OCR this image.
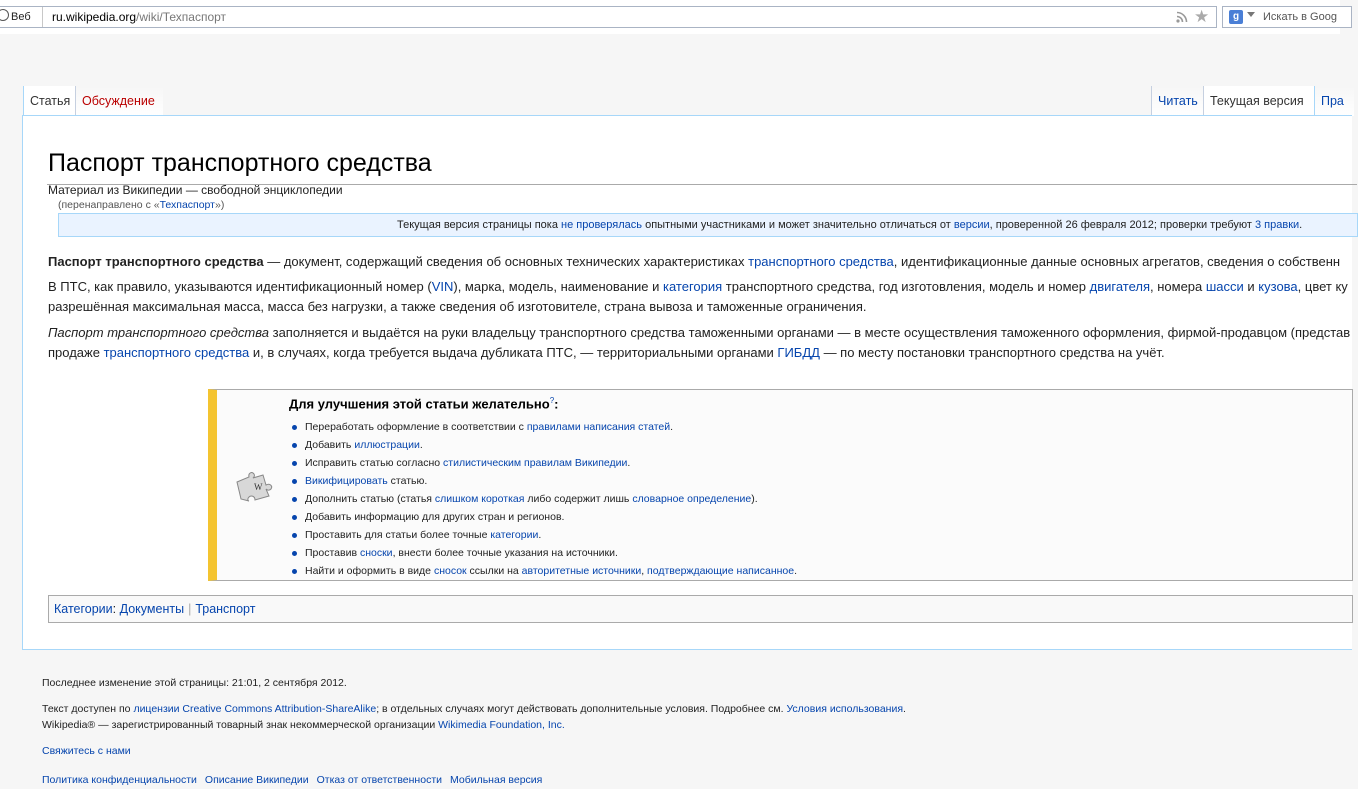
Веб	ru.wikipedia.org/wiki/Техпаспорт	★	g	Искать в Goog
Статья Обсуждение	Читать Текущая версия	Пра
Паспорт транспортного средства
Материал из Википедии — свободной энциклопедии
(перенаправлено с «Техпаспорт»)
Текущая версия страницы пока не проверялась опытными участниками и может значительно отличаться от версии, проверенной 26 февраля 2012; проверки требуют 3 правки.
Паспорт транспортного средства — документ, содержащий сведения об основных технических характеристиках транспортного средства, идентификационные данные основных агрегатов, сведения о собственн
В ПТС, как правило, указываются идентификационный номер (VIN), марка, модель, наименование и категория транспортного средства, год изготовления, модель и номер двигателя, номера шасси и кузова, цвет ку
разрешённая максимальная масса, масса без нагрузки, а также сведения об изготовителе, страна вывоза и таможенные ограничения.
Паспорт транспортного средства заполняется и выдаётся на руки владельцу транспортного средства таможенными органами — в месте осуществления таможенного оформления, фирмой-продавцом (представ
продаже транспортного средства и, в случаях, когда требуется выдача дубликата ПТС, — территориальными органами ГИБДД — по месту постановки транспортного средства на учёт.
W
Для улучшения этой статьи желательно?:
Переработать оформление в соответствии с правилами написания статей.
Добавить иллюстрации.
Исправить статью согласно стилистическим правилам Википедии.
Викифицировать статью.
Дополнить статью (статья слишком короткая либо содержит лишь словарное определение).
Добавить информацию для других стран и регионов.
Проставить для статьи более точные категории.
Проставив сноски, внести более точные указания на источники.
Найти и оформить в виде сносок ссылки на авторитетные источники, подтверждающие написанное.
Категории: Документы | Транспорт
Последнее изменение этой страницы: 21:01, 2 сентября 2012.
Текст доступен по лицензии Creative Commons Attribution-ShareAlike; в отдельных случаях могут действовать дополнительные условия. Подробнее см. Условия использования.
Wikipedia® — зарегистрированный товарный знак некоммерческой организации Wikimedia Foundation, Inc.
Свяжитесь с нами
Политика конфиденциальности Описание Википедии Отказ от ответственности Мобильная версия
